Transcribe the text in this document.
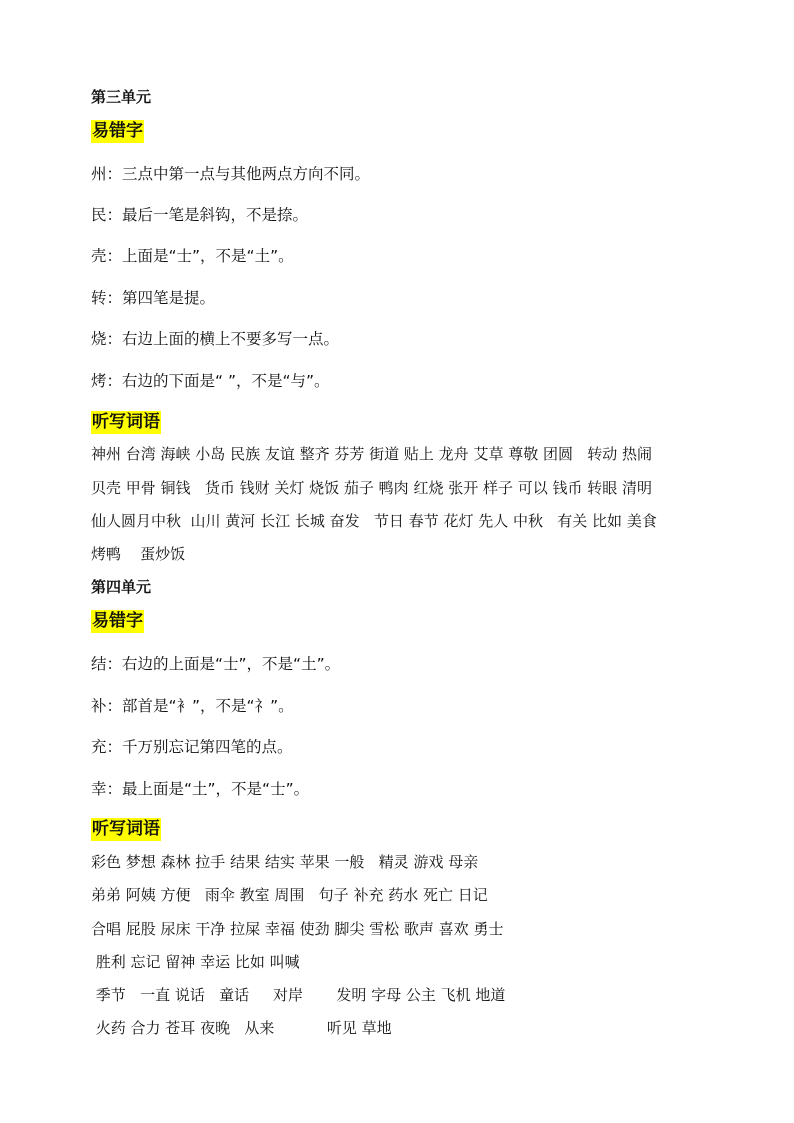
第三单元
易错字
州：三点中第一点与其他两点方向不同。
民：最后一笔是斜钩，不是捺。
壳：上面是“士”，不是“土”。
转：第四笔是提。
烧：右边上面的横上不要多写一点。
烤：右边的下面是“ ”，不是“与”。
听写词语
神州 台湾 海峡 小岛 民族 友谊 整齐 芬芳 街道 贴上 龙舟 艾草 尊敬 团圆   转动 热闹
贝壳 甲骨 铜钱   货币 钱财 关灯 烧饭 茄子 鸭肉 红烧 张开 样子 可以 钱币 转眼 清明
仙人圆月中秋  山川 黄河 长江 长城 奋发   节日 春节 花灯 先人 中秋   有关 比如 美食
烤鸭    蛋炒饭
第四单元
易错字
结：右边的上面是“士”，不是“土”。
补：部首是“衤”，不是“礻”。
充：千万别忘记第四笔的点。
幸：最上面是“土”，不是“士”。
听写词语
彩色 梦想 森林 拉手 结果 结实 苹果 一般   精灵 游戏 母亲
弟弟 阿姨 方便   雨伞 教室 周围   句子 补充 药水 死亡 日记
合唱 屁股 尿床 干净 拉屎 幸福 使劲 脚尖 雪松 歌声 喜欢 勇士
胜利 忘记 留神 幸运 比如 叫喊
季节   一直 说话   童话     对岸       发明 字母 公主 飞机 地道
火药 合力 苍耳 夜晚   从来           听见 草地
